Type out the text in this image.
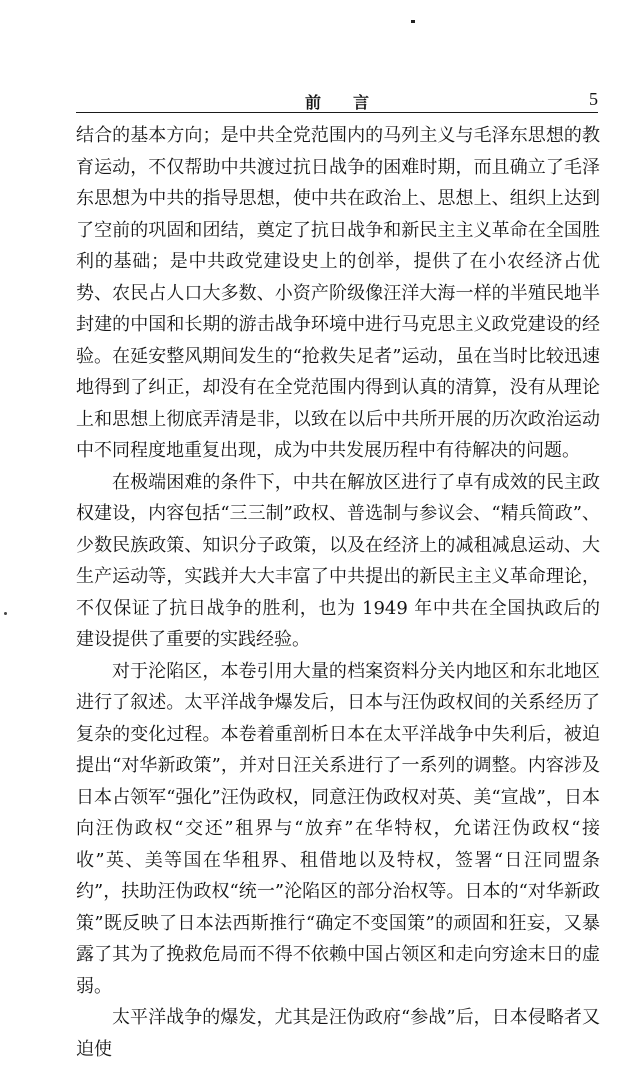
前 言	5

结合的基本方向；是中共全党范围内的马列主义与毛泽东思想的教育运动，不仅帮助中共渡过抗日战争的困难时期，而且确立了毛泽东思想为中共的指导思想，使中共在政治上、思想上、组织上达到了空前的巩固和团结，奠定了抗日战争和新民主主义革命在全国胜利的基础；是中共政党建设史上的创举，提供了在小农经济占优势、农民占人口大多数、小资产阶级像汪洋大海一样的半殖民地半封建的中国和长期的游击战争环境中进行马克思主义政党建设的经验。在延安整风期间发生的“抢救失足者”运动，虽在当时比较迅速地得到了纠正，却没有在全党范围内得到认真的清算，没有从理论上和思想上彻底弄清是非，以致在以后中共所开展的历次政治运动中不同程度地重复出现，成为中共发展历程中有待解决的问题。

在极端困难的条件下，中共在解放区进行了卓有成效的民主政权建设，内容包括“三三制”政权、普选制与参议会、“精兵简政”、少数民族政策、知识分子政策，以及在经济上的减租减息运动、大生产运动等，实践并大大丰富了中共提出的新民主主义革命理论，不仅保证了抗日战争的胜利，也为 1949 年中共在全国执政后的建设提供了重要的实践经验。

对于沦陷区，本卷引用大量的档案资料分关内地区和东北地区进行了叙述。太平洋战争爆发后，日本与汪伪政权间的关系经历了复杂的变化过程。本卷着重剖析日本在太平洋战争中失利后，被迫提出“对华新政策”，并对日汪关系进行了一系列的调整。内容涉及日本占领军“强化”汪伪政权，同意汪伪政权对英、美“宣战”，日本向汪伪政权“交还”租界与“放弃”在华特权，允诺汪伪政权“接收”英、美等国在华租界、租借地以及特权，签署“日汪同盟条约”，扶助汪伪政权“统一”沦陷区的部分治权等。日本的“对华新政策”既反映了日本法西斯推行“确定不变国策”的顽固和狂妄，又暴露了其为了挽救危局而不得不依赖中国占领区和走向穷途末日的虚弱。

太平洋战争的爆发，尤其是汪伪政府“参战”后，日本侵略者又迫使
